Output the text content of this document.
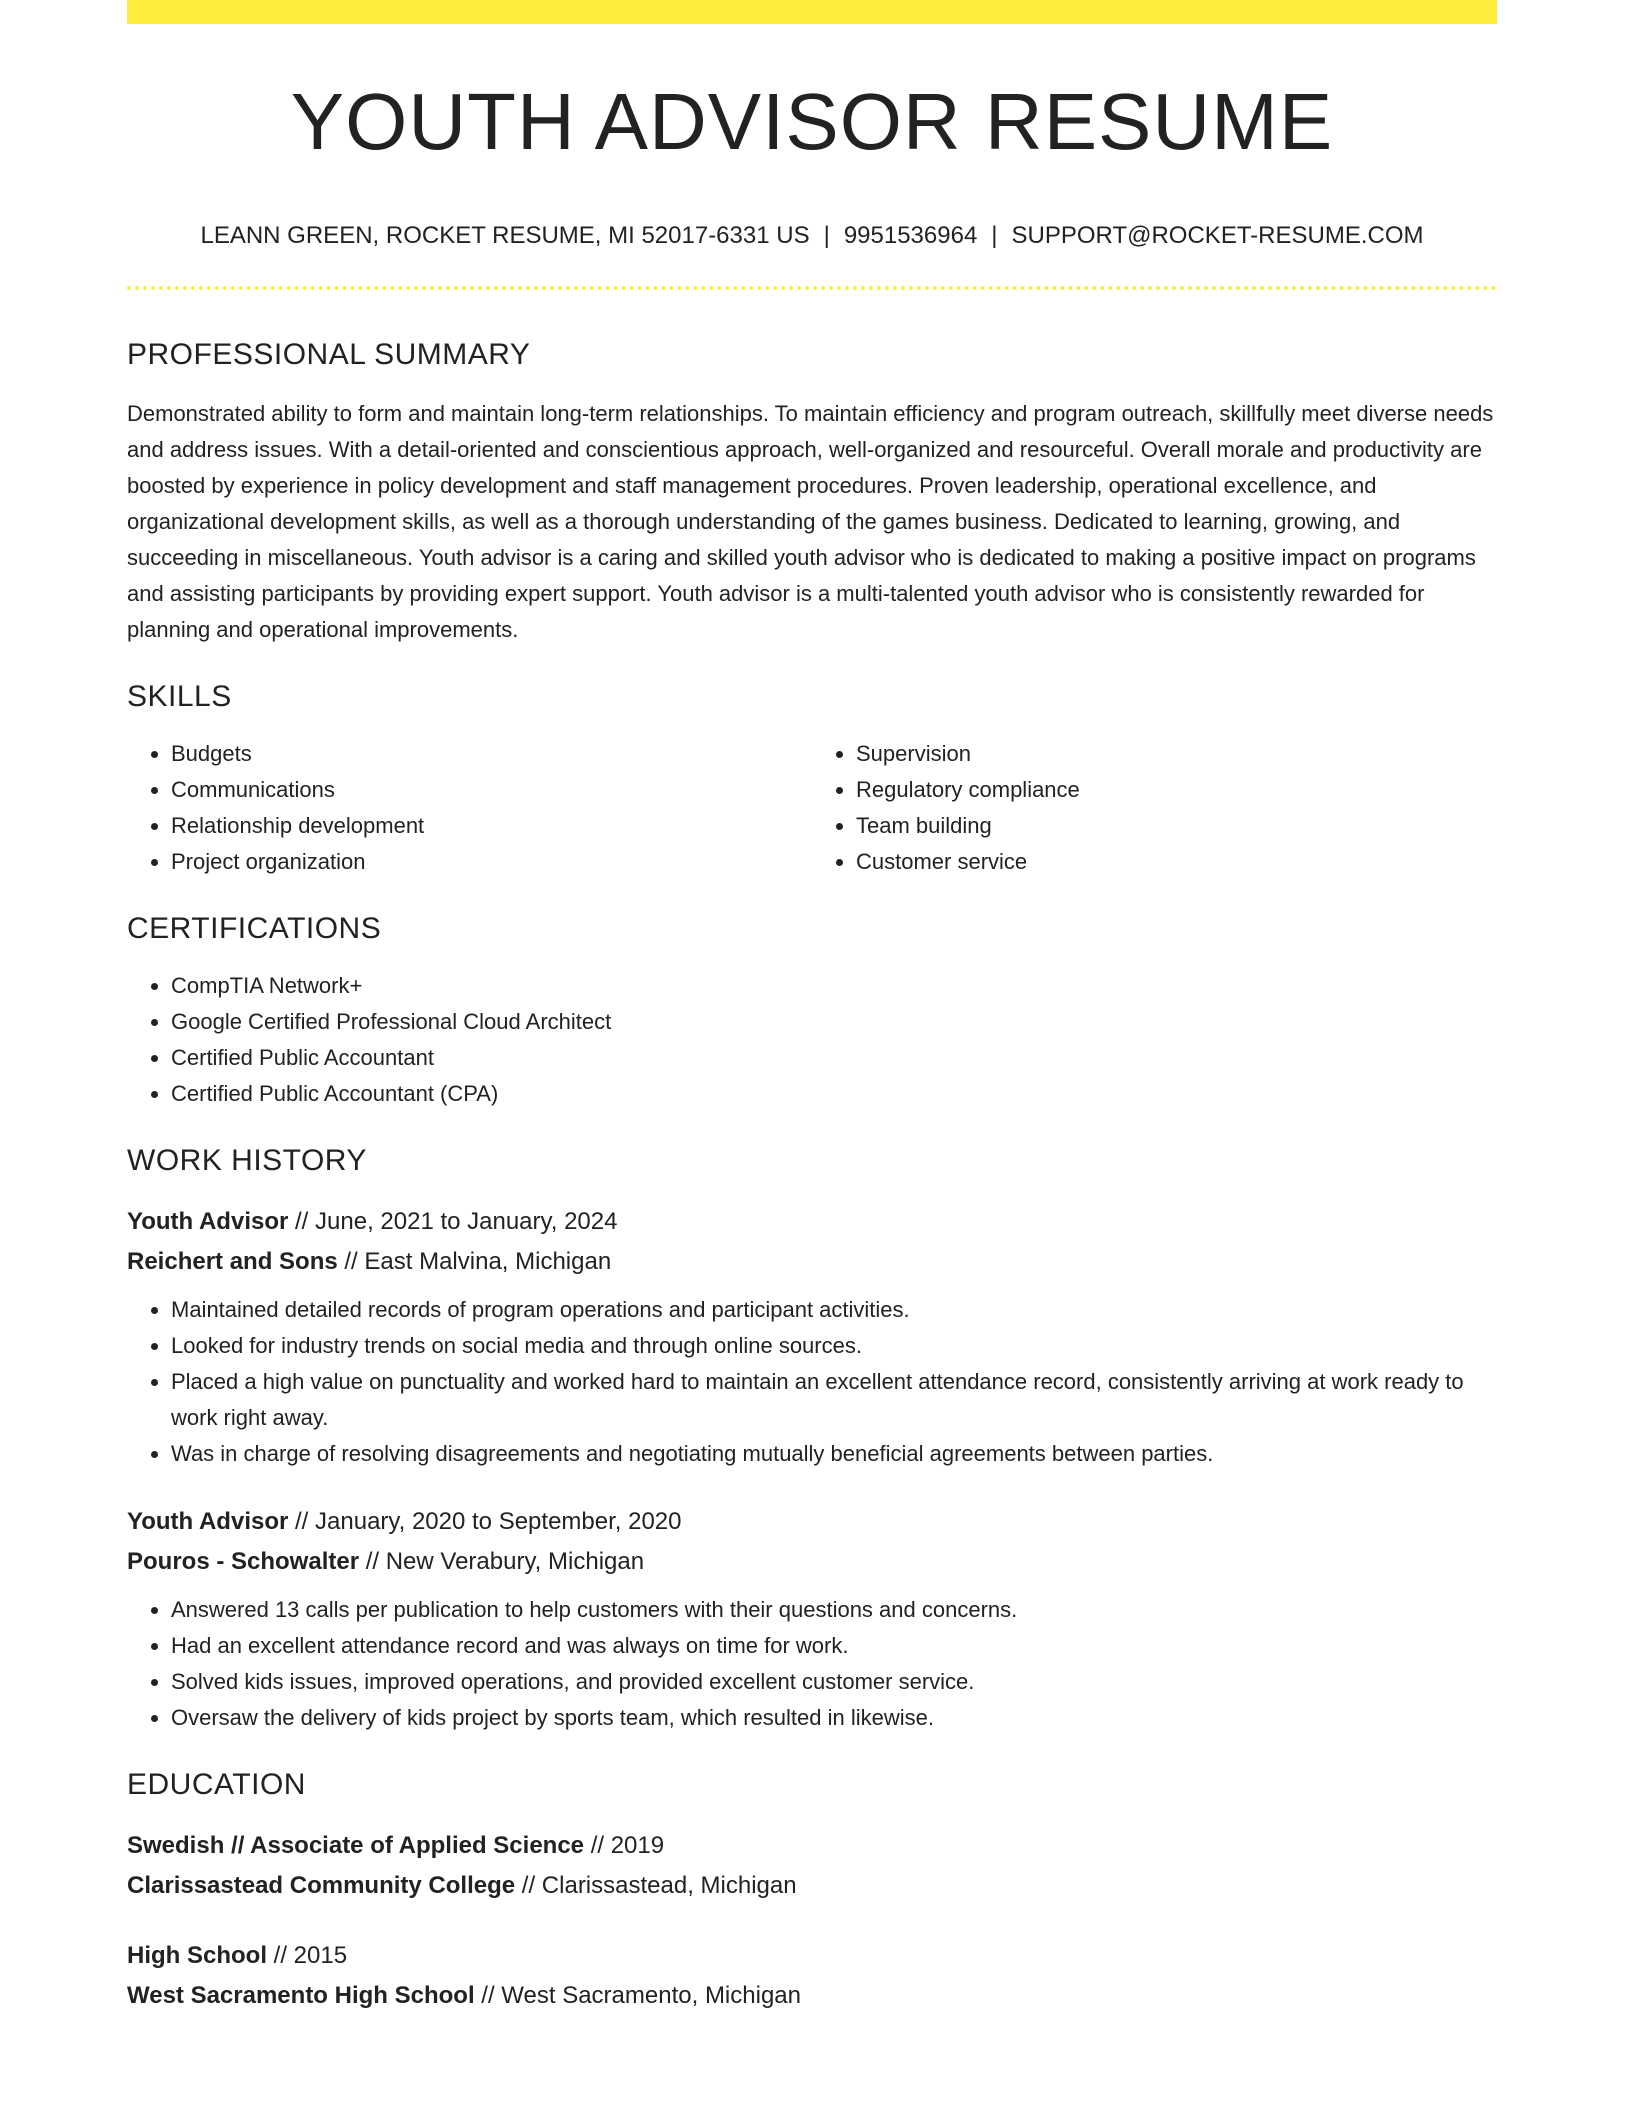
YOUTH ADVISOR RESUME
LEANN GREEN, ROCKET RESUME, MI 52017-6331 US | 9951536964 | SUPPORT@ROCKET-RESUME.COM
PROFESSIONAL SUMMARY
Demonstrated ability to form and maintain long-term relationships. To maintain efficiency and program outreach, skillfully meet diverse needs and address issues. With a detail-oriented and conscientious approach, well-organized and resourceful. Overall morale and productivity are boosted by experience in policy development and staff management procedures. Proven leadership, operational excellence, and organizational development skills, as well as a thorough understanding of the games business. Dedicated to learning, growing, and succeeding in miscellaneous. Youth advisor is a caring and skilled youth advisor who is dedicated to making a positive impact on programs and assisting participants by providing expert support. Youth advisor is a multi-talented youth advisor who is consistently rewarded for planning and operational improvements.
SKILLS
• Budgets
• Communications
• Relationship development
• Project organization
• Supervision
• Regulatory compliance
• Team building
• Customer service
CERTIFICATIONS
• CompTIA Network+
• Google Certified Professional Cloud Architect
• Certified Public Accountant
• Certified Public Accountant (CPA)
WORK HISTORY
Youth Advisor // June, 2021 to January, 2024
Reichert and Sons // East Malvina, Michigan
• Maintained detailed records of program operations and participant activities.
• Looked for industry trends on social media and through online sources.
• Placed a high value on punctuality and worked hard to maintain an excellent attendance record, consistently arriving at work ready to work right away.
• Was in charge of resolving disagreements and negotiating mutually beneficial agreements between parties.
Youth Advisor // January, 2020 to September, 2020
Pouros - Schowalter // New Verabury, Michigan
• Answered 13 calls per publication to help customers with their questions and concerns.
• Had an excellent attendance record and was always on time for work.
• Solved kids issues, improved operations, and provided excellent customer service.
• Oversaw the delivery of kids project by sports team, which resulted in likewise.
EDUCATION
Swedish // Associate of Applied Science // 2019
Clarissastead Community College // Clarissastead, Michigan
High School // 2015
West Sacramento High School // West Sacramento, Michigan
